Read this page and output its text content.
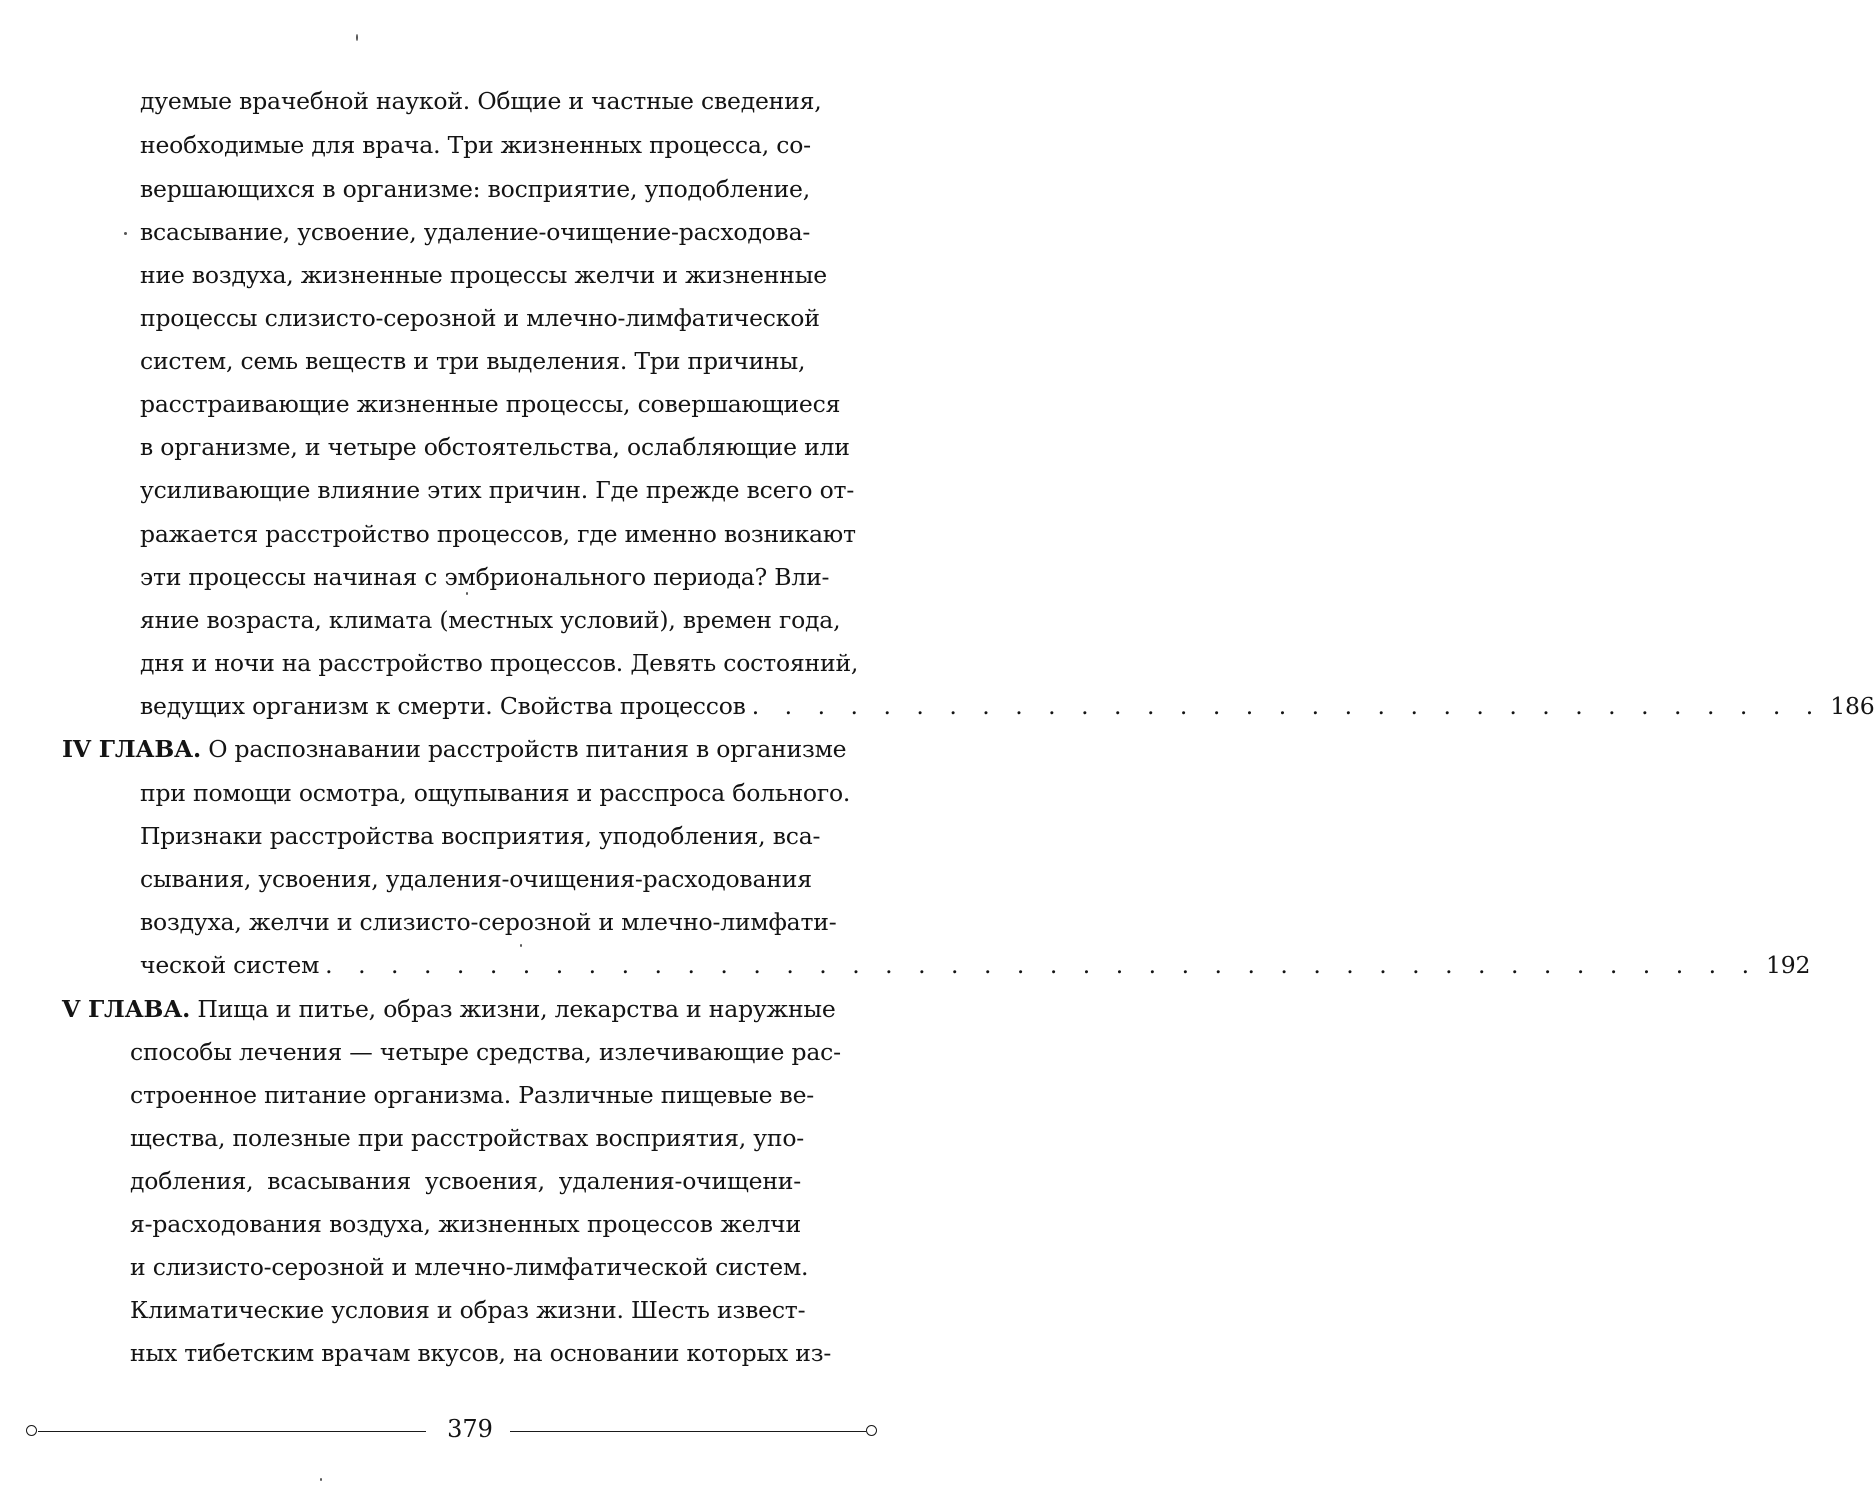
дуемые врачебной наукой. Общие и частные сведения,
необходимые для врача. Три жизненных процесса, со-
вершающихся в организме: восприятие, уподобление,
всасывание, усвоение, удаление-очищение-расходова-
ние воздуха, жизненные процессы желчи и жизненные
процессы слизисто-серозной и млечно-лимфатической
систем, семь веществ и три выделения. Три причины,
расстраивающие жизненные процессы, совершающиеся
в организме, и четыре обстоятельства, ослабляющие или
усиливающие влияние этих причин. Где прежде всего от-
ражается расстройство процессов, где именно возникают
эти процессы начиная с эмбрионального периода? Вли-
яние возраста, климата (местных условий), времен года,
дня и ночи на расстройство процессов. Девять состояний,
ведущих организм к смерти. Свойства процессов . . . . . . . . . . . . . . . . . . . . . . . . . . . . . . . . . 186
IV ГЛАВА. О распознавании расстройств питания в организме
при помощи осмотра, ощупывания и расспроса больного.
Признаки расстройства восприятия, уподобления, вса-
сывания, усвоения, удаления-очищения-расходования
воздуха, желчи и слизисто-серозной и млечно-лимфати-
ческой систем . . . . . . . . . . . . . . . . . . . . . . . . . . . . . . . . . . . . . . . . . . . . 192
V ГЛАВА. Пища и питье, образ жизни, лекарства и наружные
способы лечения — четыре средства, излечивающие рас-
строенное питание организма. Различные пищевые ве-
щества, полезные при расстройствах восприятия, упо-
добления, всасывания усвоения, удаления-очищени-
я-расходования воздуха, жизненных процессов желчи
и слизисто-серозной и млечно-лимфатической систем.
Климатические условия и образ жизни. Шесть извест-
ных тибетским врачам вкусов, на основании которых из-
379
